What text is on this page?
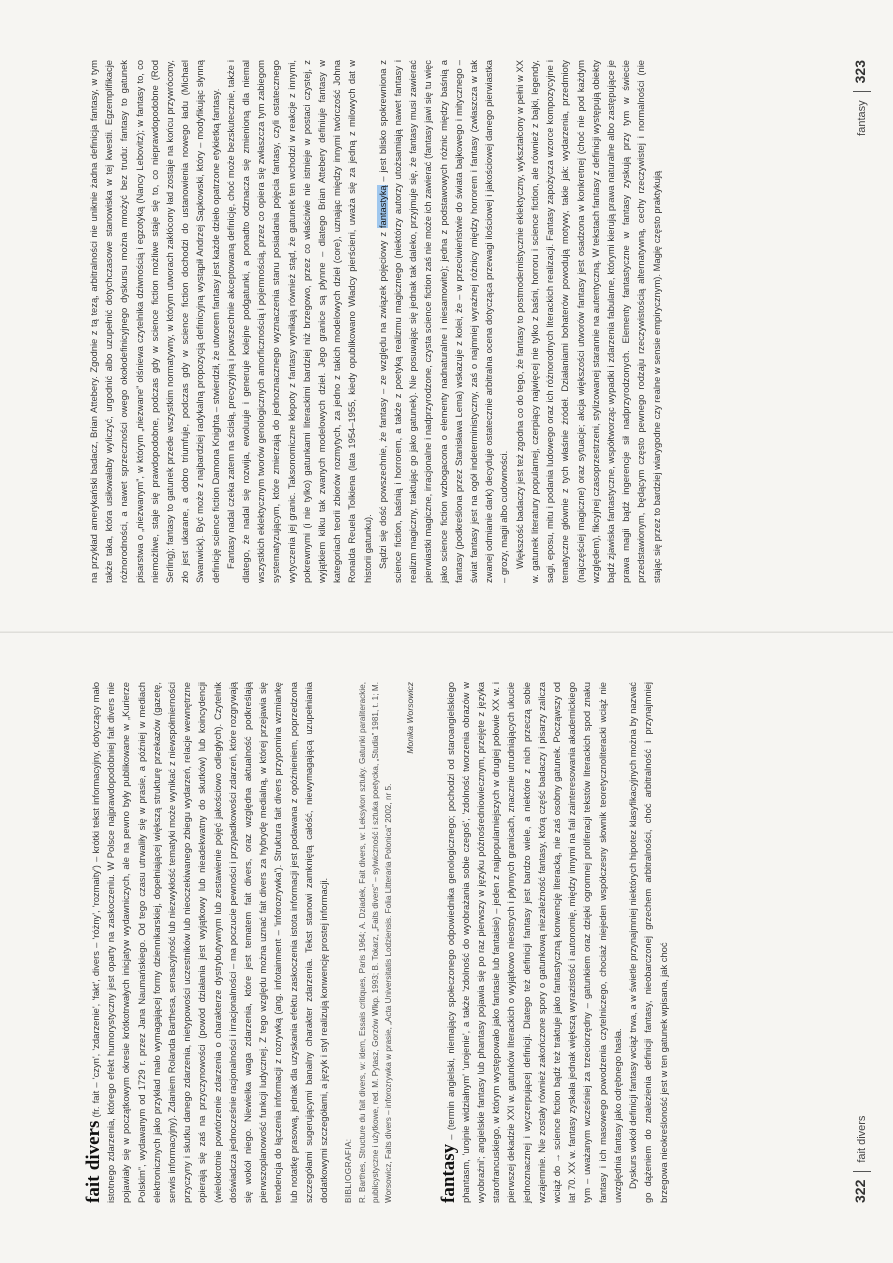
fait divers (fr. fait – 'czyn', 'zdarzenie', 'fakt', divers – 'różny', 'rozmaity') – krótki tekst informacyjny, dotyczący mało istotnego zdarzenia, którego efekt humorystyczny jest oparty na zaskoczeniu. W Polsce najprawdopodobniej fait divers nie pojawiały się w początkowym okresie krótkotrwałych inicjatyw wydawniczych, ale na pewno były publikowane w „Kurierze Polskim”, wydawanym od 1729 r. przez Jana Naumańskiego. Od tego czasu utrwaliły się w prasie, a później w mediach elektronicznych jako przykład mało wymagającej formy dziennikarskiej, dopełniającej większą strukturę przekazów (gazetę, serwis informacyjny). Zdaniem Rolanda Barthesa, sensacyjność lub niezwykłość tematyki może wynikać z niewspółmierności przyczyny i skutku danego zdarzenia, nietypowości uczestników lub nieoczekiwanego zbiegu wydarzeń, relacje wewnętrzne opierają się zaś na przyczynowości (powód działania jest wyjątkowy lub nieadekwatny do skutków) lub koincydencji (wielokrotnie powtórzenie zdarzenia o charakterze dystrybutywnym lub zestawienie pojęć jakościowo odległych). Czytelnik doświadcza jednocześnie racjonalności i irracjonalności – ma poczucie pewności i przypadkowości zdarzeń, które rozgrywają się wokół niego. Niewielka waga zdarzenia, które jest tematem fait divers, oraz względna aktualność podkreślają pierwszoplanowość funkcji ludycznej. Z tego względu można uznać fait divers za hybrydę medialną, w której przejawia się tendencja do łączenia informacji z rozrywką (ang. infotainment – 'inforozrywka'). Struktura fait divers przypomina wzmiankę lub notatkę prasową, jednak dla uzyskania efektu zaskoczenia istota informacji jest podawana z opóźnieniem, poprzedzona szczegółami sugerującymi banalny charakter zdarzenia. Tekst stanowi zamkniętą całość, niewymagającą uzupełniania dodatkowymi szczegółami, a język i styl realizują konwencję prostej informacji. BIBLIOGRAFIA: R. Barthes, Structure du fait divers, w: idem, Essais critiques, Paris 1964; A. Dziadek, Fait divers, w: Leksykon sztuky. Gatunki paraliterackie, publicystyczne i użytkowe, red. M. Pytasz, Gorzów Wlkp. 1993; B. Tokarz, „Faits divers” – sylwiczność i sztuka poetycka, „Studia” 1981, t. 1; M. Worsowicz, Faits divers – inforozrywka w prasie, „Acta Universitatis Lodziensis. Folia Litteraria Polonica” 2002, nr 5.
Monika Worsowicz

fantasy – (termin angielski, niemający społeczonego odpowiednika genologicznego; pochodzi od staroangielskiego phantasm, 'urojnie widziałnym' 'urojenie', a także 'zdolność do wyobrażania sobie czegoś', 'zdolność tworzenia obrazów w wyobraźni'; angielskie fantasy lub phantasy pojawia się po raz pierwszy w języku późnośredniowiecznym, przejęte z języka starofrancuskiego, w którym występowało jako fantasie lub fantaisie) – jeden z najpopularniejszych w drugiej połowie XX w. i pierwszej dekadzie XXI w. gatunków literackich o wyjątkowo nieostrych i płynnych granicach, znacznie utrudniających ukucie jednoznacznej i wyczerpującej definicji. Dlatego też definicji fantasy jest bardzo wiele, a niektóre z nich przeczą sobie wzajemnie. Nie zostały również zakończone spory o gatunkową niezależność fantasy, którą część badaczy i pisarzy zalicza wciąż do → science fiction bądź też traktuje jako fantastyczną konwencję literacką, nie zaś osobny gatunek. Począwszy od lat 70. XX w. fantasy zyskała jednak większą wyrazistość i autonomię, między innymi na fali zainteresowania akademickiego tym – uważanym wcześniej za trzeciorzędny – gatunkiem oraz dzięki ogromnej proliferacji tekstów literackich spod znaku fantasy i ich masowego powodzenia czytelniczego, chociaż niejeden współczesny słownik teoretycznoliteracki wciąż nie uwzględnia fantasy jako odrębnego hasła. Dyskurs wokół definicji fantasy wciąż trwa, a w świetle przynajmniej niektórych hipotez klasyfikacyjnych można by nazwać go dążeniem do znalezienia definicji fantasy, nieobarczonej grzechem arbitralności, choć arbitralność i przynajmniej brzegowa nieokreśloność jest w ten gatunek wpisana, jak choć	322fait divers

na przykład amerykański badacz, Brian Attebery. Zgodnie z tą tezą, arbitralności nie uniknie żadna definicja fantasy, w tym także taka, która usiłowałaby wyliczyć, urgodnić albo uzupełnić dotychczasowe stanowiska w tej kwestii. Egzemplifikacje różnorodności, a nawet sprzeczności owego okołodefinicyjnego dyskursu można mnożyć bez trudu: fantasy to gatunek pisarstwa o „niezwanym”, w którym „niezwane” olśniewa czytelnika dziwnością i egzotyką (Nancy Lebovitz); w fantasy to, co niemożliwe, staje się prawdopodobne, podczas gdy w science fiction możliwe staje się to, co nieprawdopodobne (Rod Serling); fantasy to gatunek przede wszystkim normatywny, w którym utworach zakłócony ład zostaje na końcu przywrócony, zło jest ukarane, a dobro triumfuje, podczas gdy w science fiction dochodzi do ustanowienia nowego ładu (Michael Swanwick). Być może z najbardziej radykalną propozycją definicyjną wystąpił Andrzej Sapkowski, który – modyfikując słynną definicję science fiction Damona Knighta – stwierdził, że utworem fantasy jest każde dzieło opatrzone etykietką fantasy. Fantasy nadal czeka zatem na ścisłą, precyzyjną i powszechnie akceptowaną definicję, choć może bezskutecznie, także i dlatego, że nadal się rozwija, ewoluuje i generuje kolejne podgatunki, a ponadto odznacza się zmienioną dla niemal wszystkich eklektycznym tworów genologicznych amorficznością i pojemnością, przez co opiera się zwłaszcza tym zabiegom systematyzującym, które zmierzają do jednoznacznego wyznaczenia stanu posiadania pojęcia fantasy, czyli ostatecznego wytyczenia jej granic. Taksonomiczne kłopoty z fantasy wynikają również stąd, że gatunek ten wchodzi w reakcje z innymi, pokrewnymi (i nie tylko) gatunkami literackimi bardziej niż brzegowo, przez co właściwie nie istnieje w postaci czystej, z wyjątkiem kilku tak zwanych modelowych dzieł. Jego granice są płynne – dlatego Brian Attebery definiuje fantasy w kategoriach teorii zbiorów rozmytych, za jedno z takich modelowych dzieł (core), uznając między innymi twórczość Johna Ronalda Reuela Tolkiena (lata 1954–1955, kiedy opublikowano Władcy pierścieni, uważa się za jedną z milowych dat w historii gatunku). Sądzi się dość powszechnie, że fantasy – ze względu na związek pojęciowy z fantastyką – jest blisko spokrewniona z science fiction, baśnią i horrorem, a także z poetyką realizmu magicznego (niektórzy autorzy utożsamiają nawet fantasy i realizm magiczny, traktując go jako gatunek). Nie posuwając się jednak tak daleko, przyjmuje się, że fantasy musi zawierać pierwiastki magiczne, irracjonalne i nadprzyrodzone, czysta science fiction zaś nie może ich zawierać (fantasy jawi się tu więc jako science fiction wzbogacona o elementy nadnaturalne i niesamowite); jedna z podstawowych różnic między baśnią a fantasy (podkreślona przez Stanisława Lema) wskazuje z kolei, że – w przeciwieństwie do świata bajkowego i mitycznego – świat fantasy jest na ogół indeterministyczny, zaś o najmniej wyraźnej różnicy między horrorem i fantasy (zwłaszcza w tak zwanej odmianie dark) decyduje ostatecznie arbitralna ocena dotycząca przewagi ilościowej i jakościowej danego pierwiastka – grozy, magii albo cudowności. Większość badaczy jest też zgodna co do tego, że fantasy to postmodernistycznie eklektyczny, wykształcony w pełni w XX w. gatunek literatury popularnej, czerpiący najwięcej nie tylko z baśni, horroru i science fiction, ale również z bajki, legendy, sagi, eposu, mitu i podania ludowego oraz ich różnorodnych literackich realizacji. Fantasy zapożycza wzorce kompozycyjne i tematyczne głównie z tych właśnie źródeł. Działaniami bohaterów powodują motywy, takie jak: wydarzenia, przedmioty (najczęściej magiczne) oraz sytuacje; akcja większości utworów fantasy jest osadzona w konkretnej (choć nie pod każdym względem), fikcyjnej czasoprzestrzeni, stylizowanej starannie na autentyczną. W tekstach fantasy z definicji występują obiekty bądź zjawiska fantastyczne, współtworząc wypadki i zdarzenia fabularne, którymi kierują prawa naturalne albo zastępujące je prawa magii bądź ingerencje sił nadprzyrodzonych. Elementy fantastyczne w fantasy zyskują przy tym w świecie przedstawionym, będącym często pewnego rodzaju rzeczywistością alternatywną, cechy rzeczywistej i normalności (nie stając się przez to bardziej wiarygodne czy realne w sensie empirycznym). Magię często praktykują

fantasy323
